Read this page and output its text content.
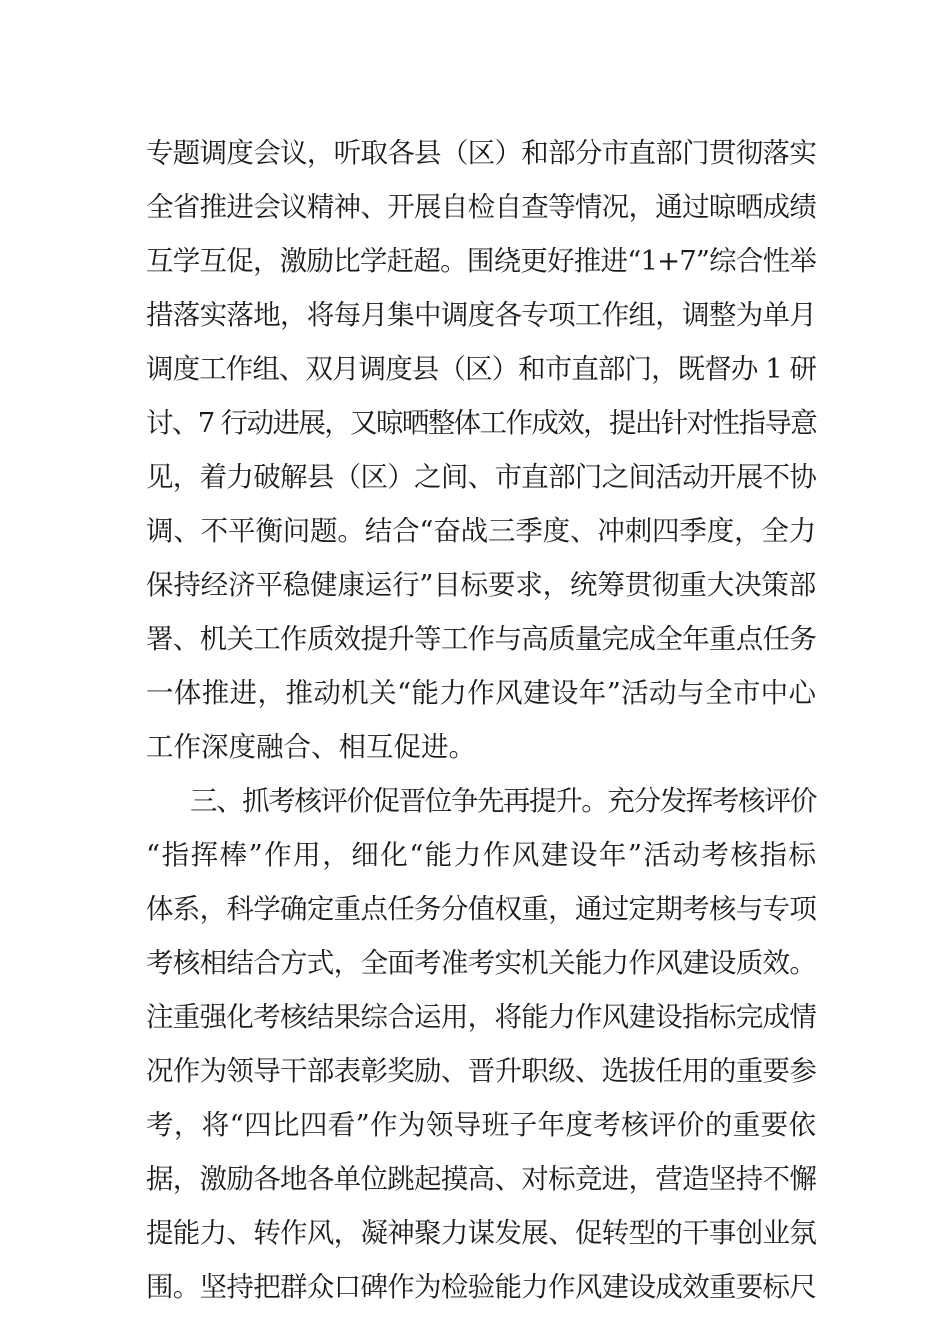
专题调度会议，听取各县（区）和部分市直部门贯彻落实
全省推进会议精神、开展自检自查等情况，通过晾晒成绩
互学互促，激励比学赶超。围绕更好推进“1+7”综合性举
措落实落地，将每月集中调度各专项工作组，调整为单月
调度工作组、双月调度县（区）和市直部门，既督办 1 研
讨、7 行动进展，又晾晒整体工作成效，提出针对性指导意
见，着力破解县（区）之间、市直部门之间活动开展不协
调、不平衡问题。结合“奋战三季度、冲刺四季度，全力
保持经济平稳健康运行”目标要求，统筹贯彻重大决策部
署、机关工作质效提升等工作与高质量完成全年重点任务
一体推进，推动机关“能力作风建设年”活动与全市中心
工作深度融合、相互促进。
三、抓考核评价促晋位争先再提升。充分发挥考核评价
“指挥棒”作用，细化“能力作风建设年”活动考核指标
体系，科学确定重点任务分值权重，通过定期考核与专项
考核相结合方式，全面考准考实机关能力作风建设质效。
注重强化考核结果综合运用，将能力作风建设指标完成情
况作为领导干部表彰奖励、晋升职级、选拔任用的重要参
考，将“四比四看”作为领导班子年度考核评价的重要依
据，激励各地各单位跳起摸高、对标竞进，营造坚持不懈
提能力、转作风，凝神聚力谋发展、促转型的干事创业氛
围。坚持把群众口碑作为检验能力作风建设成效重要标尺
